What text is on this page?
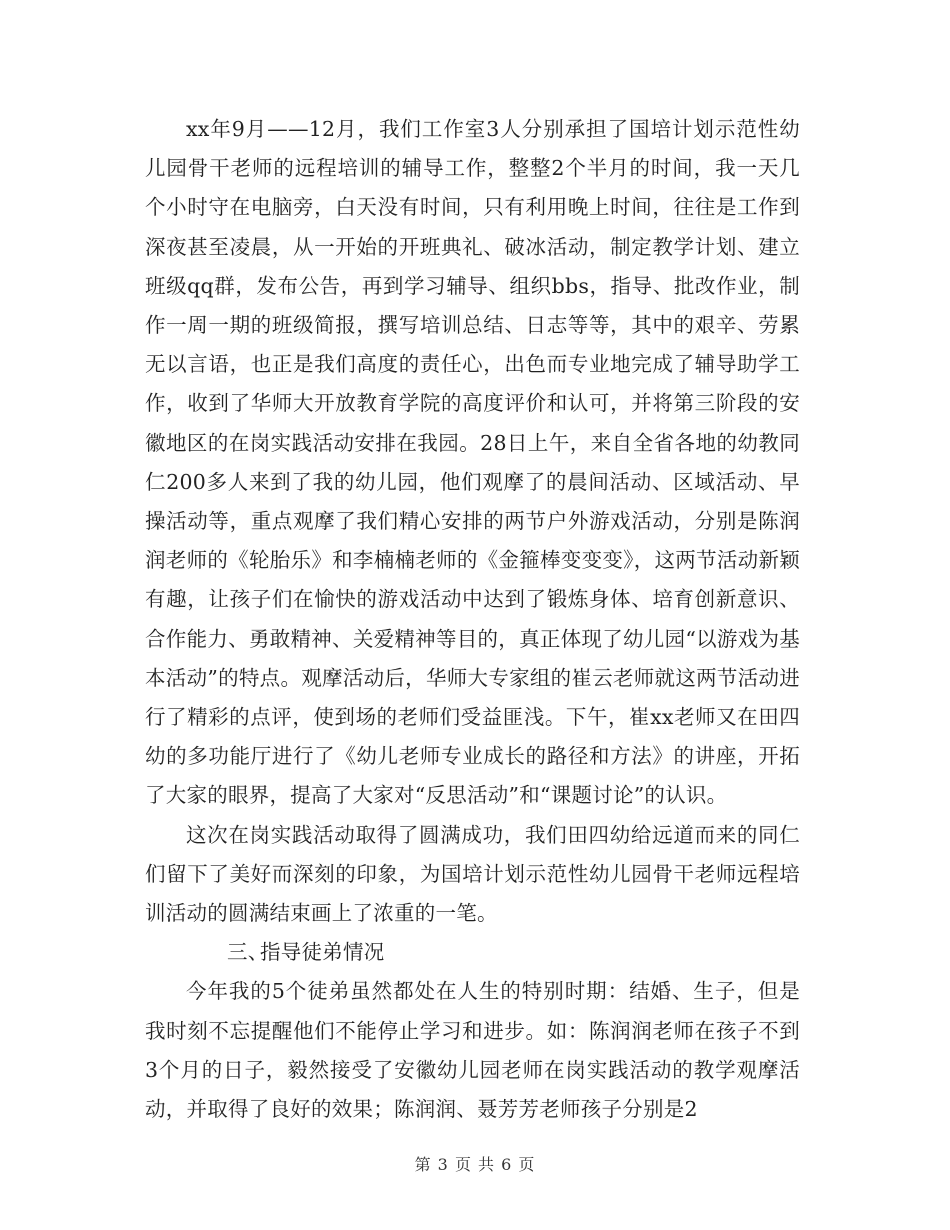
xx年9月——12月，我们工作室3人分别承担了国培计划示范性幼儿园骨干老师的远程培训的辅导工作，整整2个半月的时间，我一天几个小时守在电脑旁，白天没有时间，只有利用晚上时间，往往是工作到深夜甚至凌晨，从一开始的开班典礼、破冰活动，制定教学计划、建立班级qq群，发布公告，再到学习辅导、组织bbs，指导、批改作业，制作一周一期的班级简报，撰写培训总结、日志等等，其中的艰辛、劳累无以言语，也正是我们高度的责任心，出色而专业地完成了辅导助学工作，收到了华师大开放教育学院的高度评价和认可，并将第三阶段的安徽地区的在岗实践活动安排在我园。28日上午，来自全省各地的幼教同仁200多人来到了我的幼儿园，他们观摩了的晨间活动、区域活动、早操活动等，重点观摩了我们精心安排的两节户外游戏活动，分别是陈润润老师的《轮胎乐》和李楠楠老师的《金箍棒变变变》，这两节活动新颖有趣，让孩子们在愉快的游戏活动中达到了锻炼身体、培育创新意识、合作能力、勇敢精神、关爱精神等目的，真正体现了幼儿园“以游戏为基本活动”的特点。观摩活动后，华师大专家组的崔云老师就这两节活动进行了精彩的点评，使到场的老师们受益匪浅。下午，崔xx老师又在田四幼的多功能厅进行了《幼儿老师专业成长的路径和方法》的讲座，开拓了大家的眼界，提高了大家对“反思活动”和“课题讨论”的认识。

这次在岗实践活动取得了圆满成功，我们田四幼给远道而来的同仁们留下了美好而深刻的印象，为国培计划示范性幼儿园骨干老师远程培训活动的圆满结束画上了浓重的一笔。

三、指导徒弟情况

今年我的5个徒弟虽然都处在人生的特别时期：结婚、生子，但是我时刻不忘提醒他们不能停止学习和进步。如：陈润润老师在孩子不到3个月的日子，毅然接受了安徽幼儿园老师在岗实践活动的教学观摩活动，并取得了良好的效果；陈润润、聂芳芳老师孩子分别是2

第 3 页 共 6 页
